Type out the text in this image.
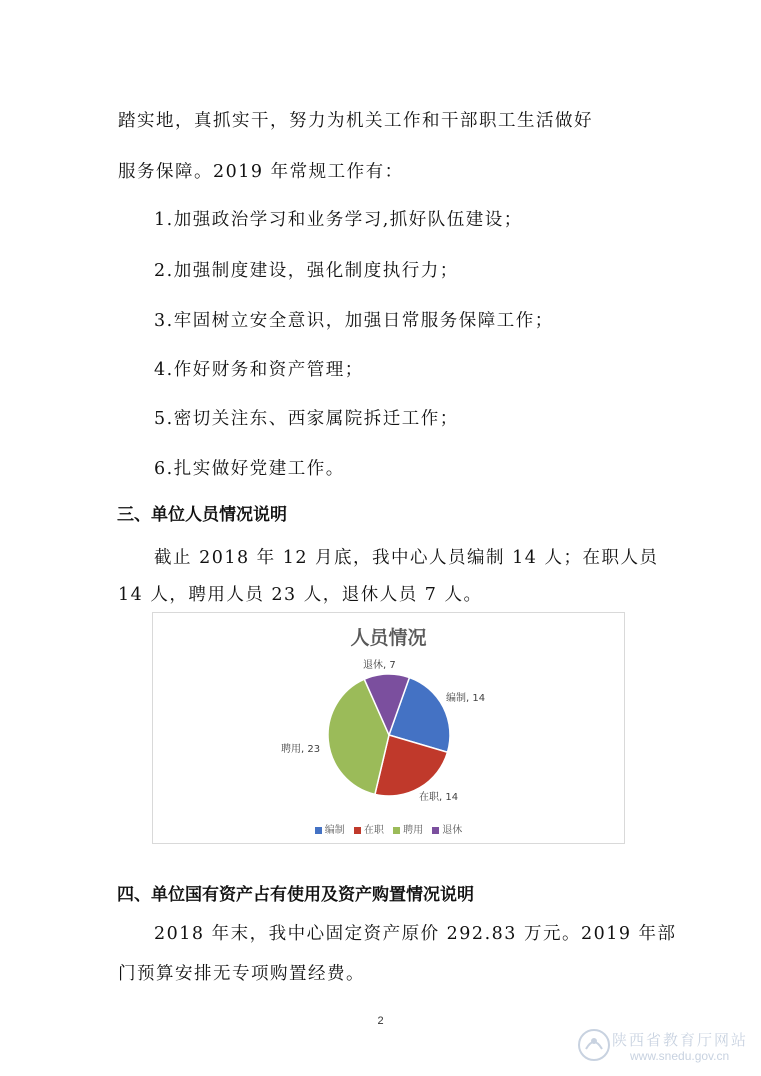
踏实地，真抓实干，努力为机关工作和干部职工生活做好
服务保障。2019 年常规工作有：
1.加强政治学习和业务学习,抓好队伍建设；
2.加强制度建设，强化制度执行力；
3.牢固树立安全意识，加强日常服务保障工作；
4.作好财务和资产管理；
5.密切关注东、西家属院拆迁工作；
6.扎实做好党建工作。
三、单位人员情况说明
截止 2018 年 12 月底，我中心人员编制 14 人；在职人员
14 人，聘用人员 23 人，退休人员 7 人。
人员情况
退休, 7
编制, 14
聘用, 23
在职, 14
编制 在职 聘用 退休
四、单位国有资产占有使用及资产购置情况说明
2018 年末，我中心固定资产原价 292.83 万元。2019 年部
门预算安排无专项购置经费。
2
陕西省教育厅网站
www.snedu.gov.cn
